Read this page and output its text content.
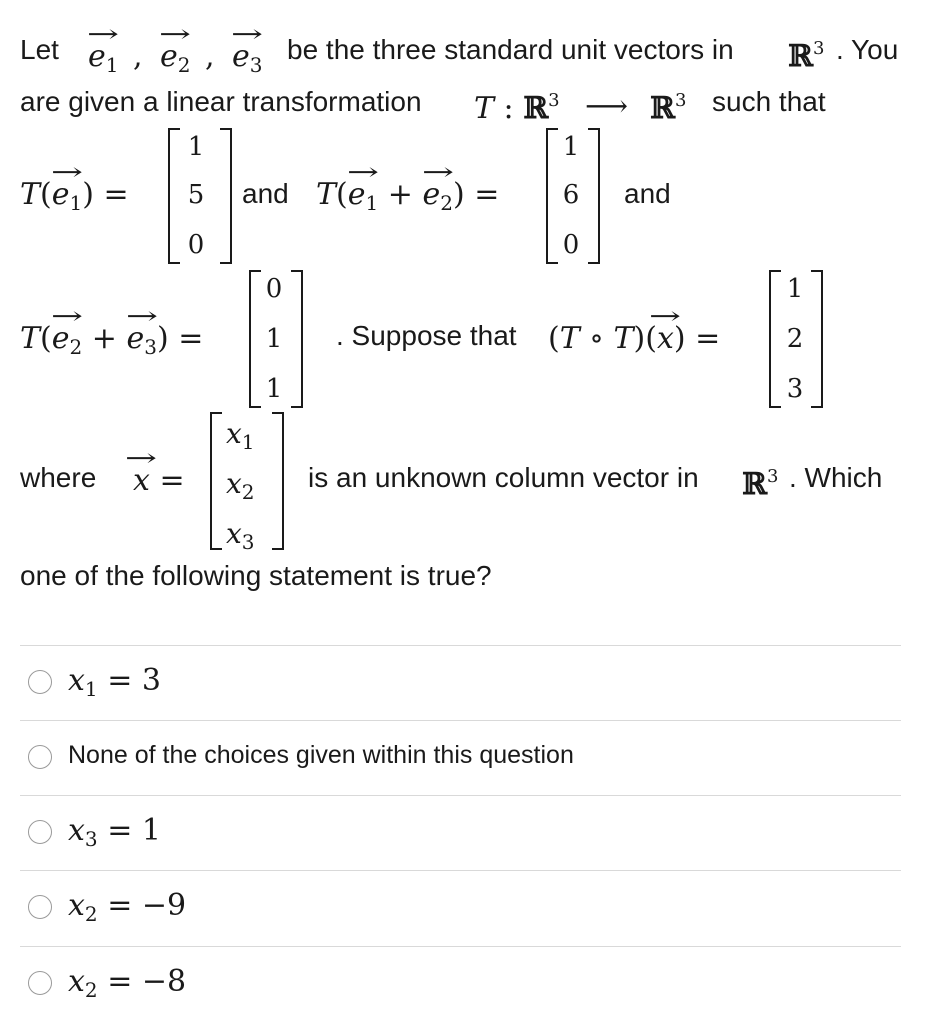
Let → $e_1$ , → $e_2$ , → $e_3$ be the three standard unit vectors in ℝ$^3$ . You
are given a linear transformation T : ℝ$^3$ ⟶ ℝ$^3$ such that
$T(\to e_1)$ =
1
5
0
and $T(\to e_1$ + → $e_2$) =
1
6
0
and
$T(\to e_2$ + → $e_3$) =
0
1
1
. Suppose that (T ∘ T)(→ x) =
1
2
3
where → x =
$x_1$
$x_2$
$x_3$
is an unknown column vector in ℝ$^3$ . Which
one of the following statement is true?
$x_1 = 3$
None of the choices given within this question
$x_3 = 1$
$x_2 = -9$
$x_2 = -8$
